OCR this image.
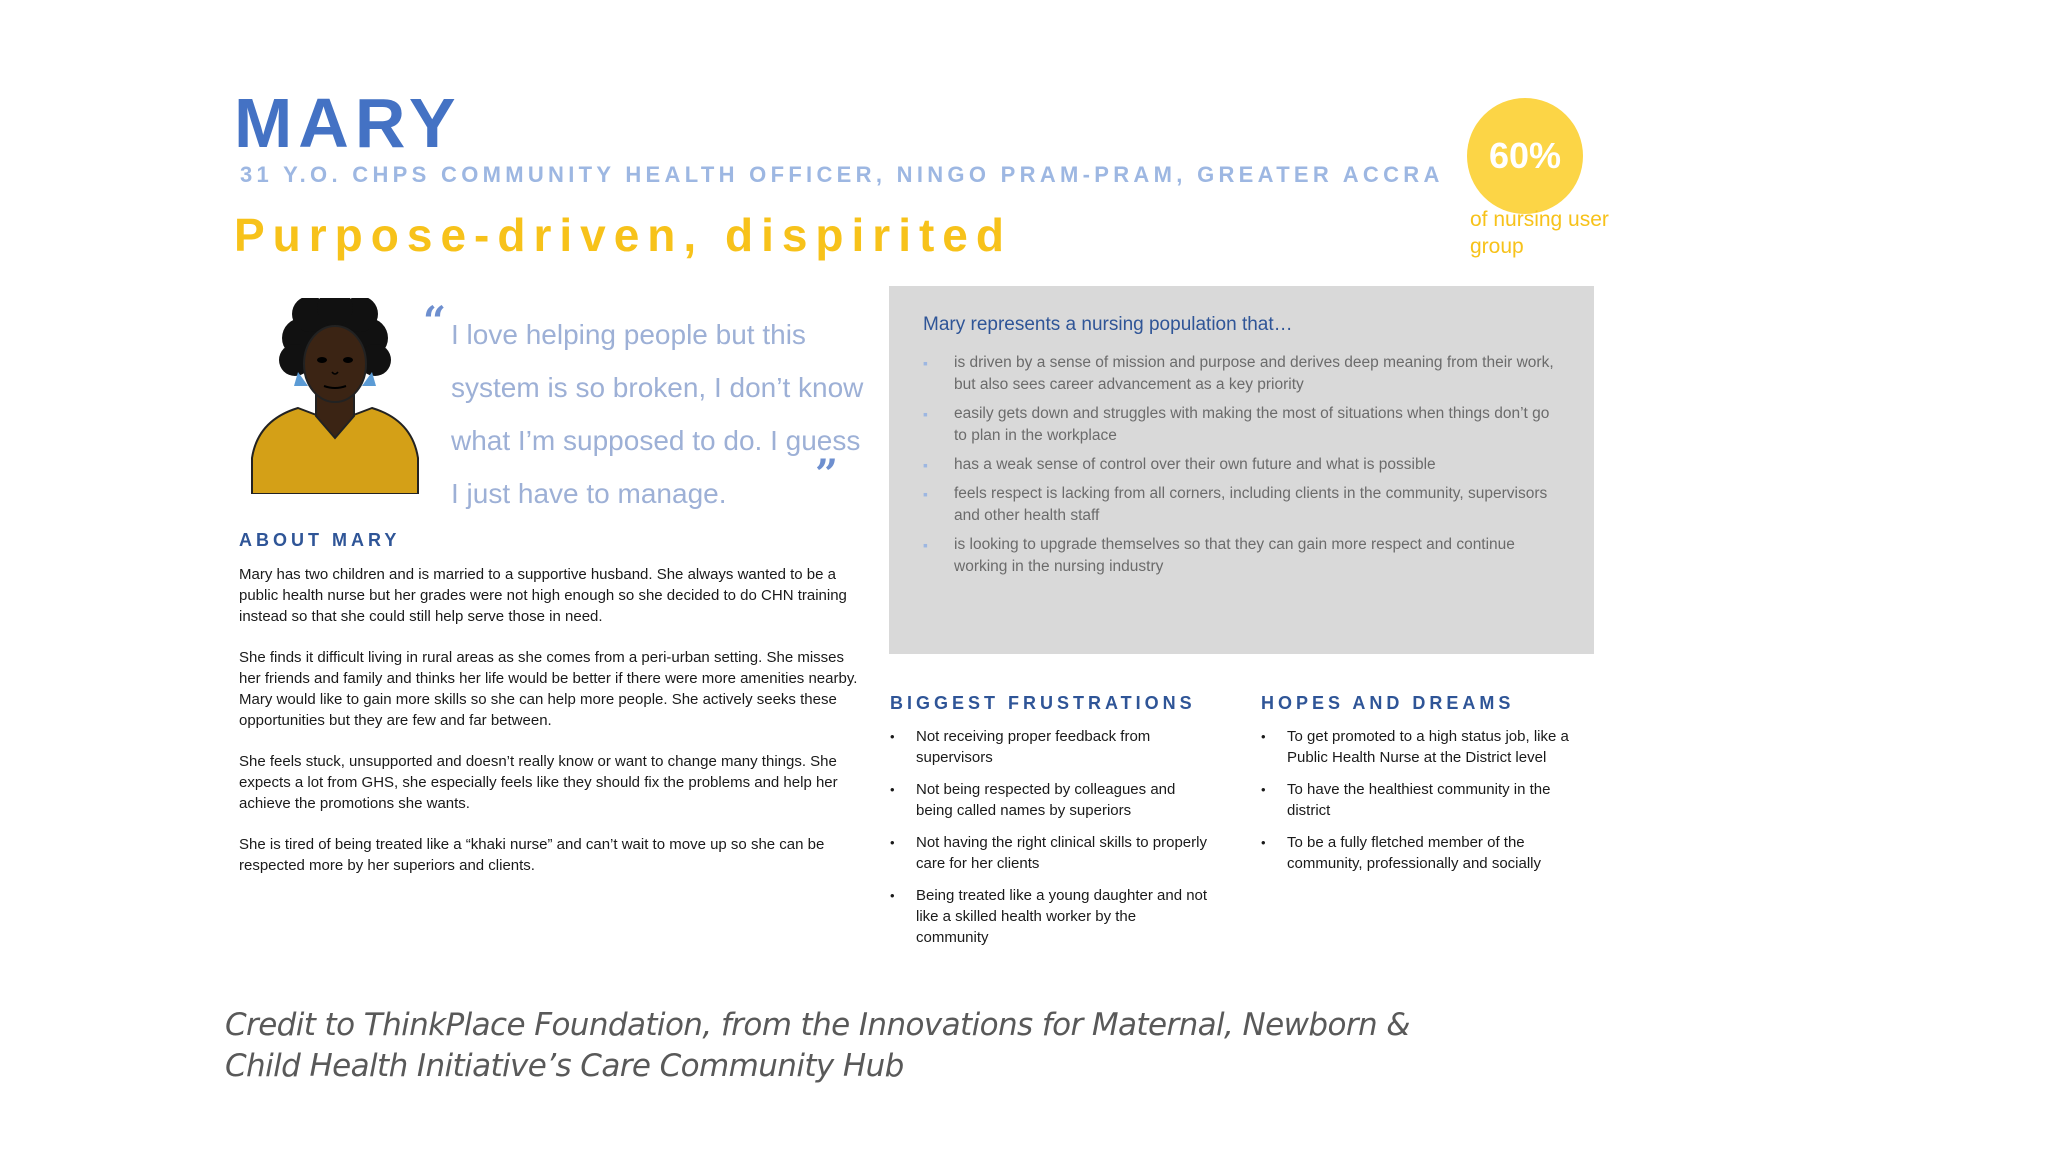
MARY
31 Y.O. CHPS COMMUNITY HEALTH OFFICER, NINGO PRAM-PRAM, GREATER ACCRA
Purpose-driven, dispirited
60%
of nursing user group
“ I love helping people but this system is so broken, I don’t know what I’m supposed to do. I guess I just have to manage.	”
ABOUT MARY

Mary has two children and is married to a supportive husband. She always wanted to be a public health nurse but her grades were not high enough so she decided to do CHN training instead so that she could still help serve those in need.

She finds it difficult living in rural areas as she comes from a peri-urban setting. She misses her friends and family and thinks her life would be better if there were more amenities nearby. Mary would like to gain more skills so she can help more people. She actively seeks these opportunities but they are few and far between.

She feels stuck, unsupported and doesn’t really know or want to change many things. She expects a lot from GHS, she especially feels like they should fix the problems and help her achieve the promotions she wants.

She is tired of being treated like a “khaki nurse” and can’t wait to move up so she can be respected more by her superiors and clients.

Mary represents a nursing population that…
▪ is driven by a sense of mission and purpose and derives deep meaning from their work, but also sees career advancement as a key priority
▪ easily gets down and struggles with making the most of situations when things don’t go to plan in the workplace
▪ has a weak sense of control over their own future and what is possible
▪ feels respect is lacking from all corners, including clients in the community, supervisors and other health staff
▪ is looking to upgrade themselves so that they can gain more respect and continue working in the nursing industry
BIGGEST FRUSTRATIONS
• Not receiving proper feedback from supervisors
• Not being respected by colleagues and being called names by superiors
• Not having the right clinical skills to properly care for her clients
• Being treated like a young daughter and not like a skilled health worker by the community
HOPES AND DREAMS
• To get promoted to a high status job, like a Public Health Nurse at the District level
• To have the healthiest community in the district
• To be a fully fletched member of the community, professionally and socially
Credit to ThinkPlace Foundation, from the Innovations for Maternal, Newborn & Child Health Initiative’s Care Community Hub
